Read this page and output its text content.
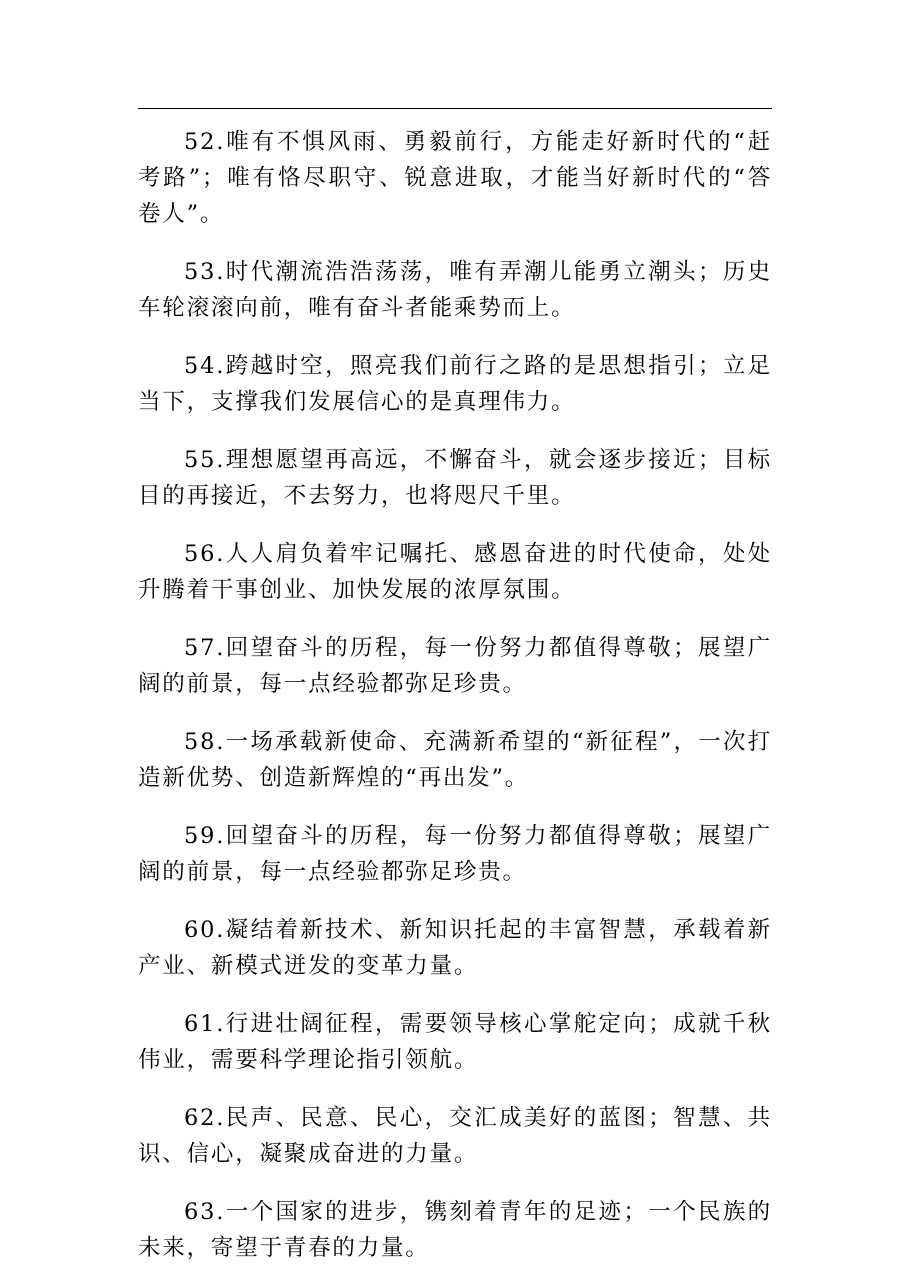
52.唯有不惧风雨、勇毅前行，方能走好新时代的“赶考路”；唯有恪尽职守、锐意进取，才能当好新时代的“答卷人”。

53.时代潮流浩浩荡荡，唯有弄潮儿能勇立潮头；历史车轮滚滚向前，唯有奋斗者能乘势而上。

54.跨越时空，照亮我们前行之路的是思想指引；立足当下，支撑我们发展信心的是真理伟力。

55.理想愿望再高远，不懈奋斗，就会逐步接近；目标目的再接近，不去努力，也将咫尺千里。

56.人人肩负着牢记嘱托、感恩奋进的时代使命，处处升腾着干事创业、加快发展的浓厚氛围。

57.回望奋斗的历程，每一份努力都值得尊敬；展望广阔的前景，每一点经验都弥足珍贵。

58.一场承载新使命、充满新希望的“新征程”，一次打造新优势、创造新辉煌的“再出发”。

59.回望奋斗的历程，每一份努力都值得尊敬；展望广阔的前景，每一点经验都弥足珍贵。

60.凝结着新技术、新知识托起的丰富智慧，承载着新产业、新模式迸发的变革力量。

61.行进壮阔征程，需要领导核心掌舵定向；成就千秋伟业，需要科学理论指引领航。

62.民声、民意、民心，交汇成美好的蓝图；智慧、共识、信心，凝聚成奋进的力量。

63.一个国家的进步，镌刻着青年的足迹；一个民族的未来，寄望于青春的力量。
